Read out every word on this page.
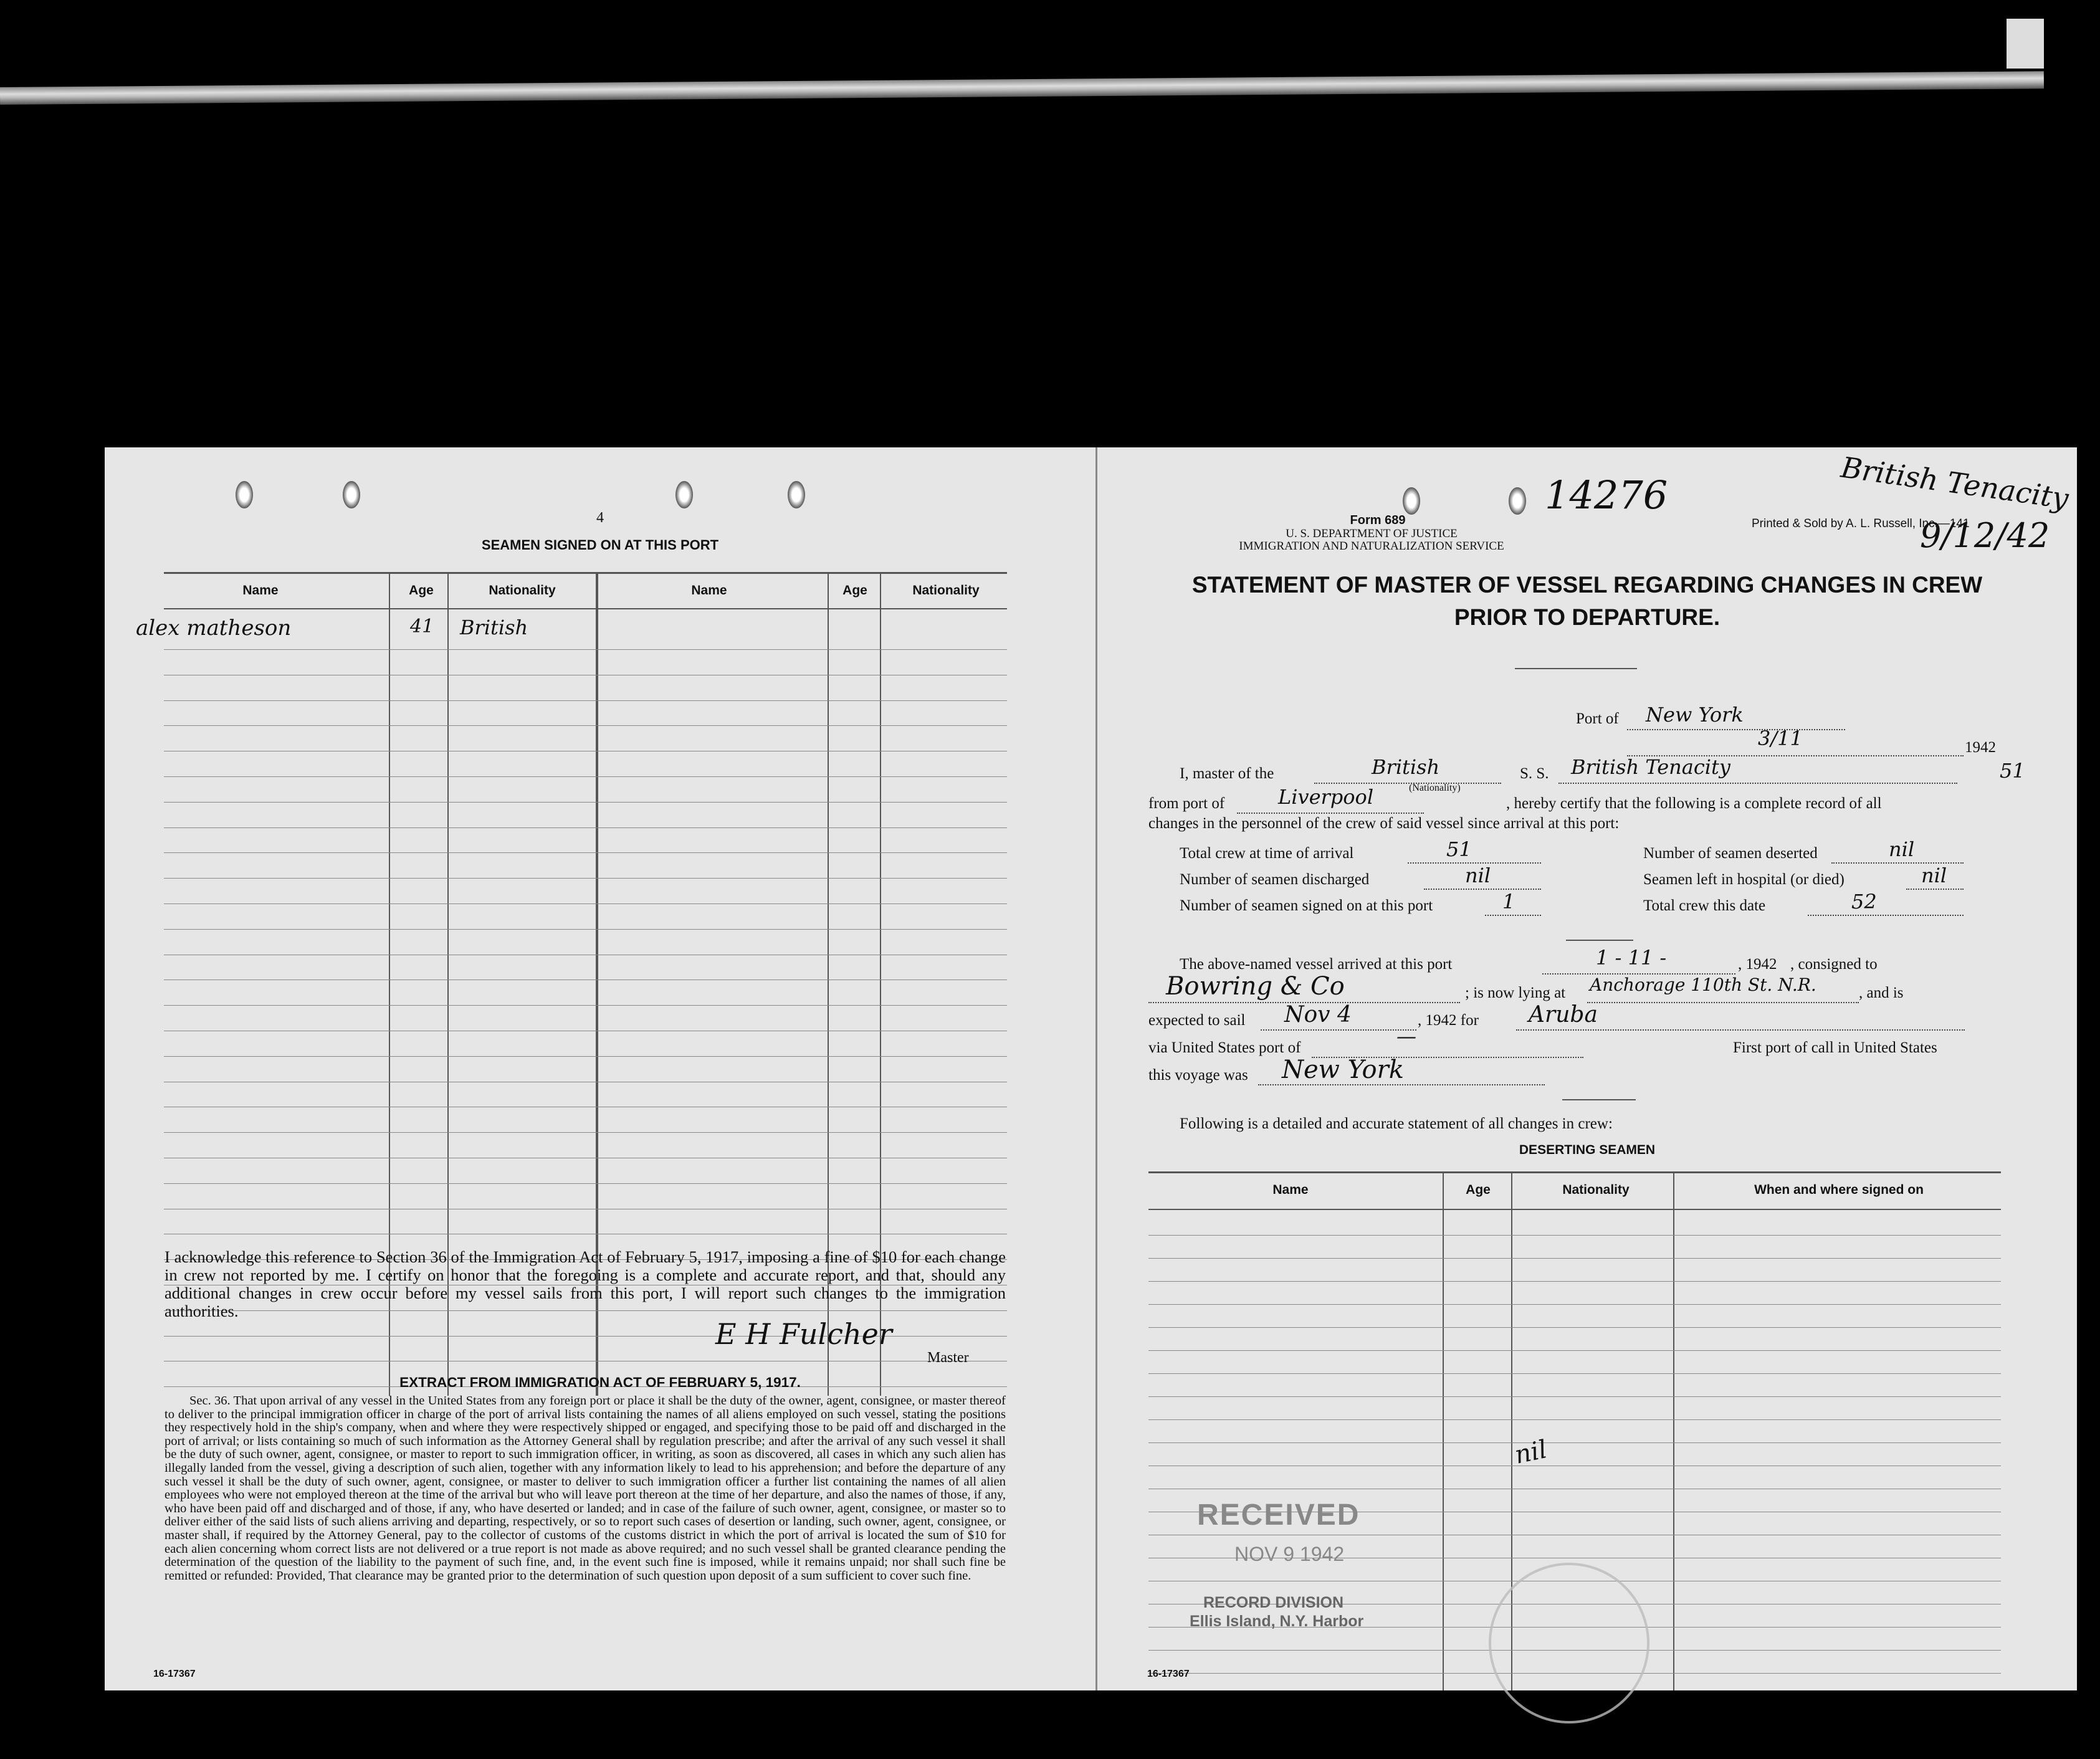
4
SEAMEN SIGNED ON AT THIS PORT
Name	Age	Nationality	Name	Age	Nationality
alex matheson	41 British
I acknowledge this reference to Section 36 of the Immigration Act of February 5, 1917, imposing a fine of $10 for each change in crew not reported by me. I certify on honor that the foregoing is a complete and accurate report, and that, should any additional changes in crew occur before my vessel sails from this port, I will report such changes to the immigration authorities.
E H Fulcher
Master
EXTRACT FROM IMMIGRATION ACT OF FEBRUARY 5, 1917.
Sec. 36. That upon arrival of any vessel in the United States from any foreign port or place it shall be the duty of the owner, agent, consignee, or master thereof to deliver to the principal immigration officer in charge of the port of arrival lists containing the names of all aliens employed on such vessel, stating the positions they respectively hold in the ship's company, when and where they were respectively shipped or engaged, and specifying those to be paid off and discharged in the port of arrival; or lists containing so much of such information as the Attorney General shall by regulation prescribe; and after the arrival of any such vessel it shall be the duty of such owner, agent, consignee, or master to report to such immigration officer, in writing, as soon as discovered, all cases in which any such alien has illegally landed from the vessel, giving a description of such alien, together with any information likely to lead to his apprehension; and before the departure of any such vessel it shall be the duty of such owner, agent, consignee, or master to deliver to such immigration officer a further list containing the names of all alien employees who were not employed thereon at the time of the arrival but who will leave port thereon at the time of her departure, and also the names of those, if any, who have been paid off and discharged and of those, if any, who have deserted or landed; and in case of the failure of such owner, agent, consignee, or master so to deliver either of the said lists of such aliens arriving and departing, respectively, or so to report such cases of desertion or landing, such owner, agent, consignee, or master shall, if required by the Attorney General, pay to the collector of customs of the customs district in which the port of arrival is located the sum of $10 for each alien concerning whom correct lists are not delivered or a true report is not made as above required; and no such vessel shall be granted clearance pending the determination of the question of the liability to the payment of such fine, and, in the event such fine is imposed, while it remains unpaid; nor shall such fine be remitted or refunded: Provided, That clearance may be granted prior to the determination of such question upon deposit of a sum sufficient to cover such fine.
16-17367
14276	British Tenacity
9/12/42
Form 689
U. S. DEPARTMENT OF JUSTICE
IMMIGRATION AND NATURALIZATION SERVICE
Printed & Sold by A. L. Russell, Inc.—141
STATEMENT OF MASTER OF VESSEL REGARDING CHANGES IN CREW
PRIOR TO DEPARTURE.
Port of New York
3/11	1942
I, master of the	British	S. S. British Tenacity	51
(Nationality)
from port of	Liverpool	, hereby certify that the following is a complete record of all
changes in the personnel of the crew of said vessel since arrival at this port:
Total crew at time of arrival	51	Number of seamen deserted	nil
Number of seamen discharged	nil	Seamen left in hospital (or died)	nil
Number of seamen signed on at this port	1	Total crew this date	52
The above-named vessel arrived at this port	1 - 11 -	, 1942 , consigned to
Bowring & Co	; is now lying at Anchorage 110th St. N.R.	, and is
expected to sail Nov 4	, 1942 for Aruba
via United States port of	—	First port of call in United States
this voyage was New York
Following is a detailed and accurate statement of all changes in crew:
DESERTING SEAMEN
Name	Age	Nationality	When and where signed on
nil
RECEIVED
NOV 9 1942
RECORD DIVISION
Ellis Island, N.Y. Harbor
16-17367
